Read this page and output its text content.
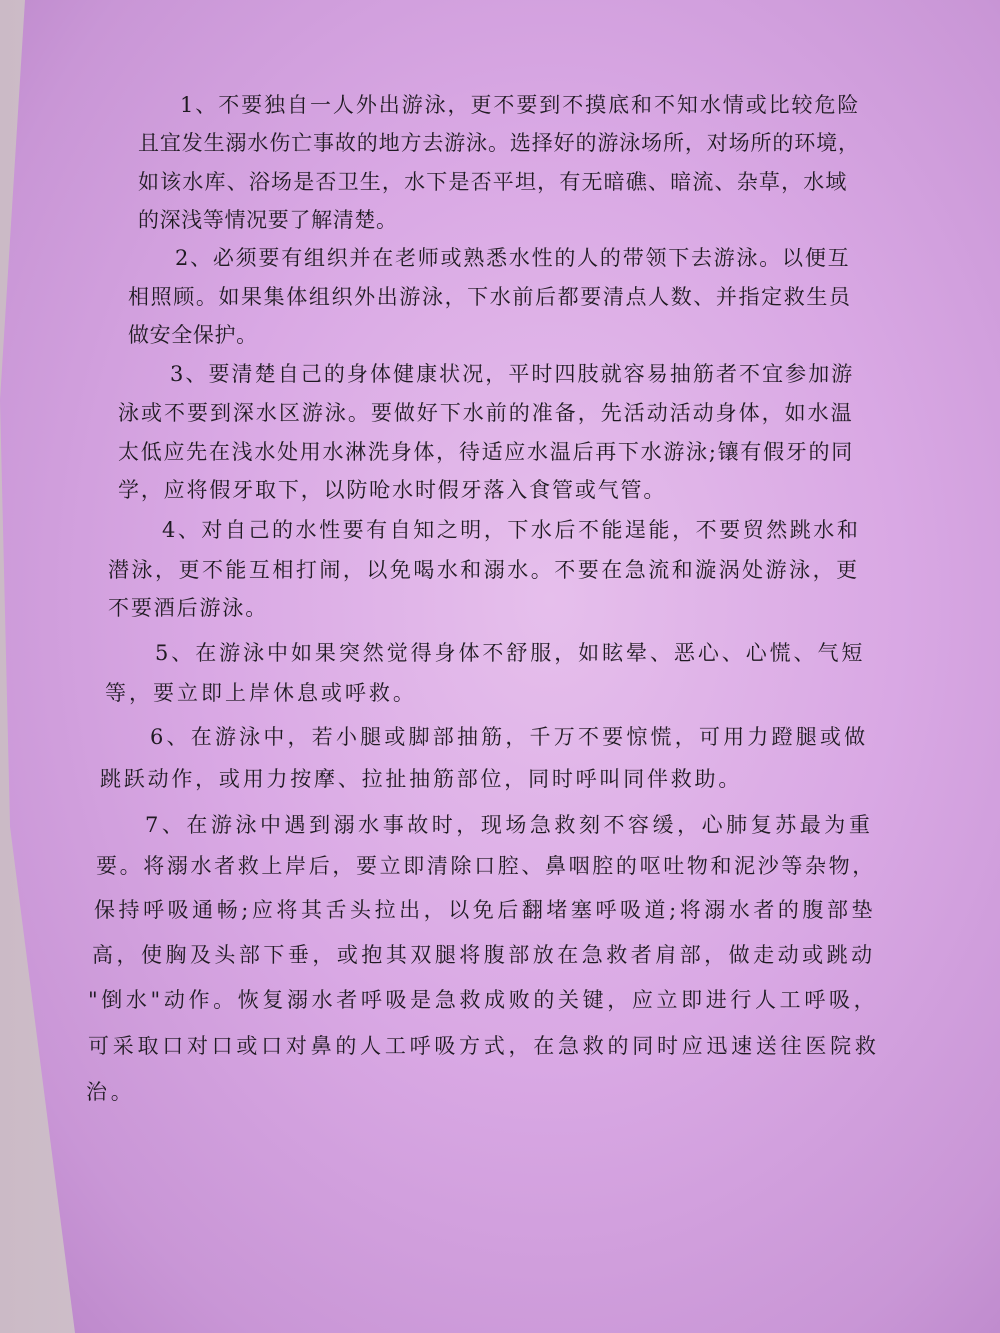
1、不要独自一人外出游泳，更不要到不摸底和不知水情或比较危险
且宜发生溺水伤亡事故的地方去游泳。选择好的游泳场所，对场所的环境，
如该水库、浴场是否卫生，水下是否平坦，有无暗礁、暗流、杂草，水域
的深浅等情况要了解清楚。
2、必须要有组织并在老师或熟悉水性的人的带领下去游泳。以便互
相照顾。如果集体组织外出游泳，下水前后都要清点人数、并指定救生员
做安全保护。
3、要清楚自己的身体健康状况，平时四肢就容易抽筋者不宜参加游
泳或不要到深水区游泳。要做好下水前的准备，先活动活动身体，如水温
太低应先在浅水处用水淋洗身体，待适应水温后再下水游泳;镶有假牙的同
学，应将假牙取下，以防呛水时假牙落入食管或气管。
4、对自己的水性要有自知之明，下水后不能逞能，不要贸然跳水和
潜泳，更不能互相打闹，以免喝水和溺水。不要在急流和漩涡处游泳，更
不要酒后游泳。
5、在游泳中如果突然觉得身体不舒服，如眩晕、恶心、心慌、气短
等，要立即上岸休息或呼救。
6、在游泳中，若小腿或脚部抽筋，千万不要惊慌，可用力蹬腿或做
跳跃动作，或用力按摩、拉扯抽筋部位，同时呼叫同伴救助。
7、在游泳中遇到溺水事故时，现场急救刻不容缓，心肺复苏最为重
要。将溺水者救上岸后，要立即清除口腔、鼻咽腔的呕吐物和泥沙等杂物，
保持呼吸通畅;应将其舌头拉出，以免后翻堵塞呼吸道;将溺水者的腹部垫
高，使胸及头部下垂，或抱其双腿将腹部放在急救者肩部，做走动或跳动
"倒水"动作。恢复溺水者呼吸是急救成败的关键，应立即进行人工呼吸，
可采取口对口或口对鼻的人工呼吸方式，在急救的同时应迅速送往医院救
治。
